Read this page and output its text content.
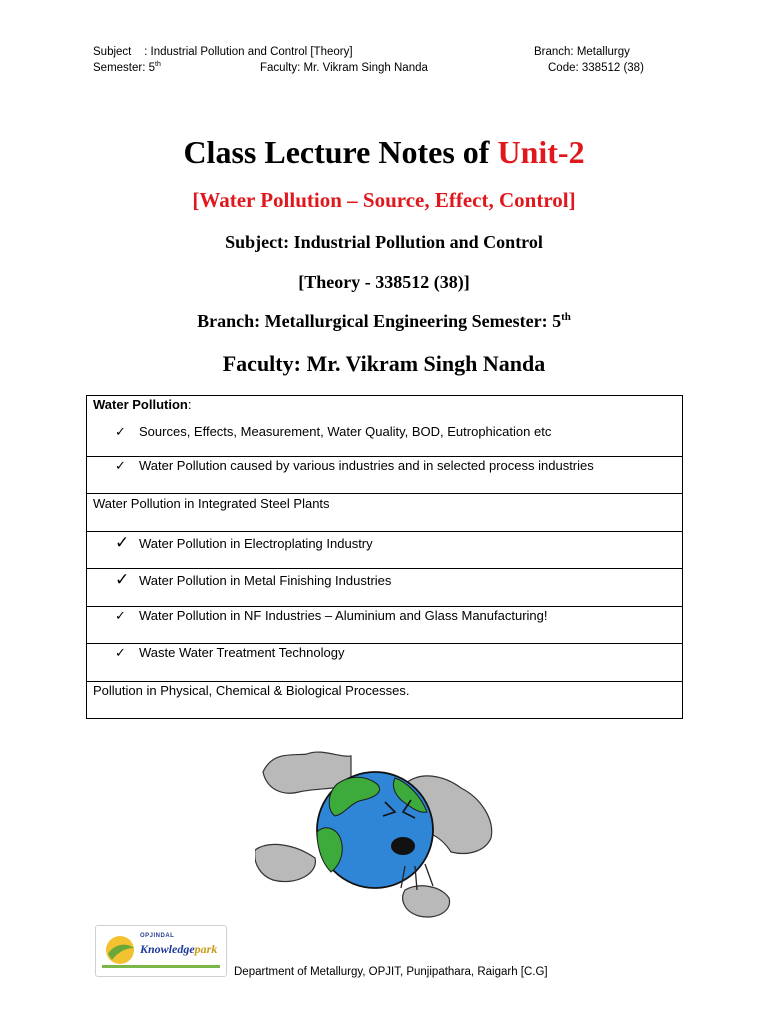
Subject : Industrial Pollution and Control [Theory]	Branch: Metallurgy
Semester: 5th	Faculty: Mr. Vikram Singh Nanda	Code: 338512 (38)
Class Lecture Notes of Unit-2
[Water Pollution – Source, Effect, Control]
Subject: Industrial Pollution and Control
[Theory - 338512 (38)]
Branch: Metallurgical Engineering Semester: 5th
Faculty: Mr. Vikram Singh Nanda
Water Pollution:
✓ Sources, Effects, Measurement, Water Quality, BOD, Eutrophication etc

✓ Water Pollution caused by various industries and in selected process industries

Water Pollution in Integrated Steel Plants

✓ Water Pollution in Electroplating Industry

✓ Water Pollution in Metal Finishing Industries

✓ Water Pollution in NF Industries – Aluminium and Glass Manufacturing!

✓ Waste Water Treatment Technology

Pollution in Physical, Chemical & Biological Processes.
OPJINDAL
Knowledgepark
Department of Metallurgy, OPJIT, Punjipathara, Raigarh [C.G]
